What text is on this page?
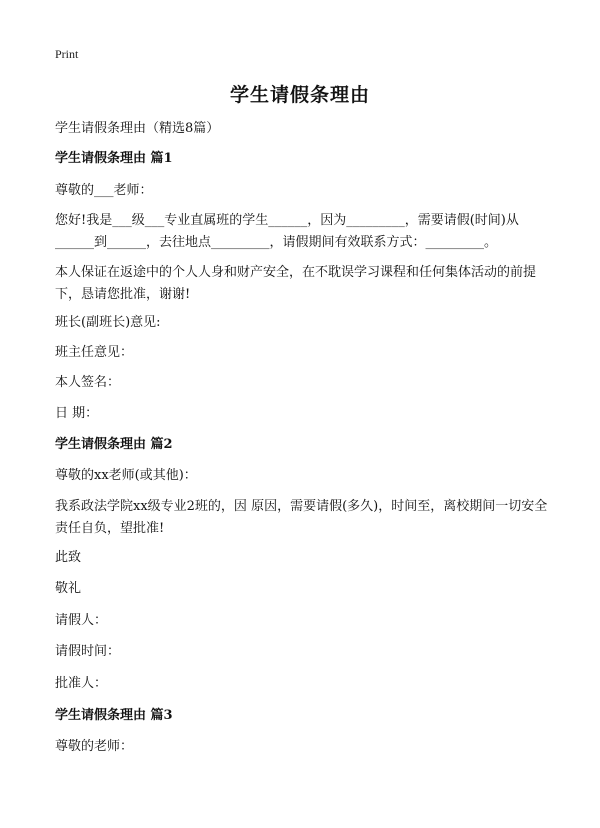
Print
学生请假条理由
学生请假条理由（精选8篇）
学生请假条理由 篇1
尊敬的___老师：
您好!我是___级___专业直属班的学生______，因为_________，需要请假(时间)从______到______，去往地点_________，请假期间有效联系方式：_________。
本人保证在返途中的个人人身和财产安全，在不耽误学习课程和任何集体活动的前提下，恳请您批准，谢谢!
班长(副班长)意见:
班主任意见：
本人签名：
日 期：
学生请假条理由 篇2
尊敬的xx老师(或其他)：
我系政法学院xx级专业2班的，因 原因，需要请假(多久)，时间至，离校期间一切安全责任自负，望批准!
此致
敬礼
请假人：
请假时间：
批准人：
学生请假条理由 篇3
尊敬的老师：
